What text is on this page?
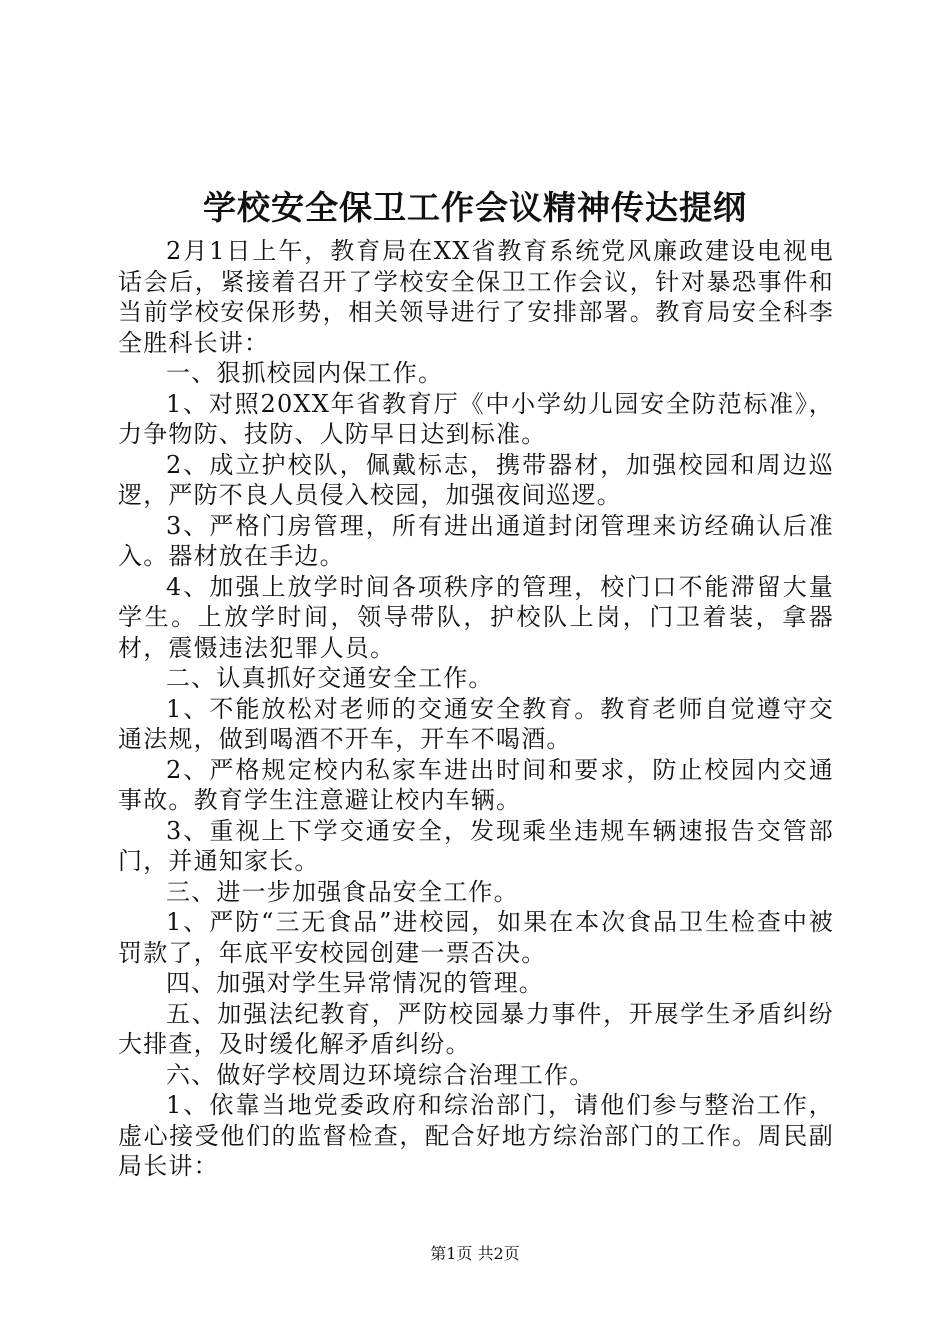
学校安全保卫工作会议精神传达提纲

2月1日上午，教育局在XX省教育系统党风廉政建设电视电话会后，紧接着召开了学校安全保卫工作会议，针对暴恐事件和当前学校安保形势，相关领导进行了安排部署。教育局安全科李全胜科长讲：

一、狠抓校园内保工作。

1、对照20XX年省教育厅《中小学幼儿园安全防范标准》，力争物防、技防、人防早日达到标准。

2、成立护校队，佩戴标志，携带器材，加强校园和周边巡逻，严防不良人员侵入校园，加强夜间巡逻。

3、严格门房管理，所有进出通道封闭管理来访经确认后准入。器材放在手边。

4、加强上放学时间各项秩序的管理，校门口不能滞留大量学生。上放学时间，领导带队，护校队上岗，门卫着装，拿器材，震慑违法犯罪人员。

二、认真抓好交通安全工作。

1、不能放松对老师的交通安全教育。教育老师自觉遵守交通法规，做到喝酒不开车，开车不喝酒。

2、严格规定校内私家车进出时间和要求，防止校园内交通事故。教育学生注意避让校内车辆。

3、重视上下学交通安全，发现乘坐违规车辆速报告交管部门，并通知家长。

三、进一步加强食品安全工作。

1、严防“三无食品”进校园，如果在本次食品卫生检查中被罚款了，年底平安校园创建一票否决。

四、加强对学生异常情况的管理。

五、加强法纪教育，严防校园暴力事件，开展学生矛盾纠纷大排查，及时缓化解矛盾纠纷。

六、做好学校周边环境综合治理工作。

1、依靠当地党委政府和综治部门，请他们参与整治工作，虚心接受他们的监督检查，配合好地方综治部门的工作。周民副局长讲：

第1页 共2页
